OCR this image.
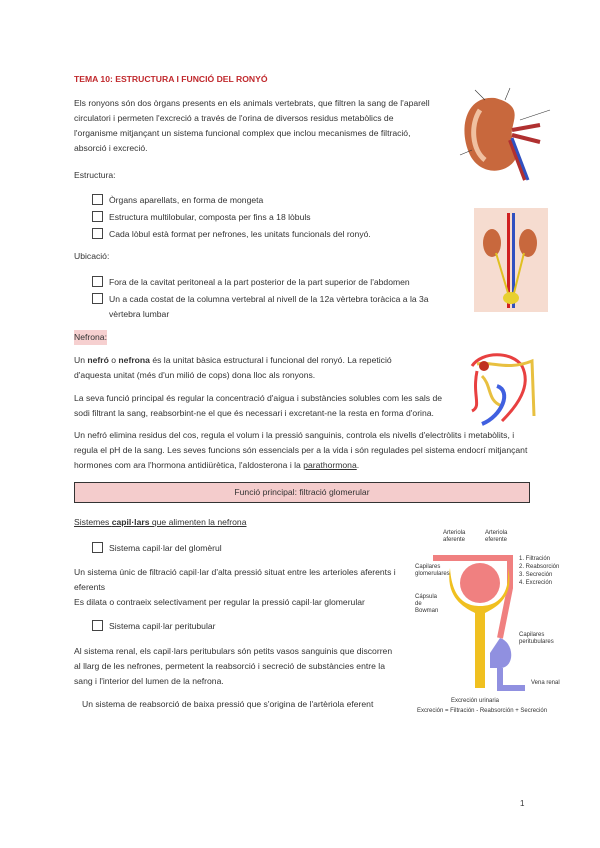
TEMA 10: ESTRUCTURA I FUNCIÓ DEL RONYÓ

Els ronyons són dos òrgans presents en els animals vertebrats, que filtren la sang de l'aparell circulatori i permeten l'excreció a través de l'orina de diversos residus metabòlics de l'organisme mitjançant un sistema funcional complex que inclou mecanismes de filtració, absorció i excreció.

Estructura:

Òrgans aparellats, en forma de mongeta
Estructura multilobular, composta per fins a 18 lòbuls
Cada lòbul està format per nefrones, les unitats funcionals del ronyó.

Ubicació:

Fora de la cavitat peritoneal a la part posterior de la part superior de l'abdomen
Un a cada costat de la columna vertebral al nivell de la 12a vèrtebra toràcica a la 3a vèrtebra lumbar

Nefrona:

Un nefró o nefrona és la unitat bàsica estructural i funcional del ronyó. La repetició d'aquesta unitat (més d'un milió de cops) dona lloc als ronyons.

La seva funció principal és regular la concentració d'aigua i substàncies solubles com les sals de sodi filtrant la sang, reabsorbint-ne el que és necessari i excretant-ne la resta en forma d'orina.

Un nefró elimina residus del cos, regula el volum i la pressió sanguinis, controla els nivells d'electròlits i metabòlits, i regula el pH de la sang. Les seves funcions són essencials per a la vida i són regulades pel sistema endocrí mitjançant hormones com ara l'hormona antidiürètica, l'aldosterona i la parathormona.

Funció principal: filtració glomerular

Sistemes capil·lars que alimenten la nefrona

Sistema capil·lar del glomèrul

Un sistema únic de filtració capil·lar d'alta pressió situat entre les arterioles aferents i eferents

Es dilata o contraeix selectivament per regular la pressió capil·lar glomerular

Sistema capil·lar peritubular

Al sistema renal, els capil·lars peritubulars són petits vasos sanguinis que discorren al llarg de les nefrones, permetent la reabsorció i secreció de substàncies entre la sang i l'interior del lumen de la nefrona.

Un sistema de reabsorció de baixa pressió que s'origina de l'artèriola eferent

Arteriola aferente
Arteriola eferente
1. Filtración
2. Reabsorción
3. Secreción
4. Excreción
Capilares glomerulares
Cápsula de Bowman
Capilares peritubulares
Vena renal
Excreción urinaria
Excreción = Filtración - Reabsorción + Secreción
1
